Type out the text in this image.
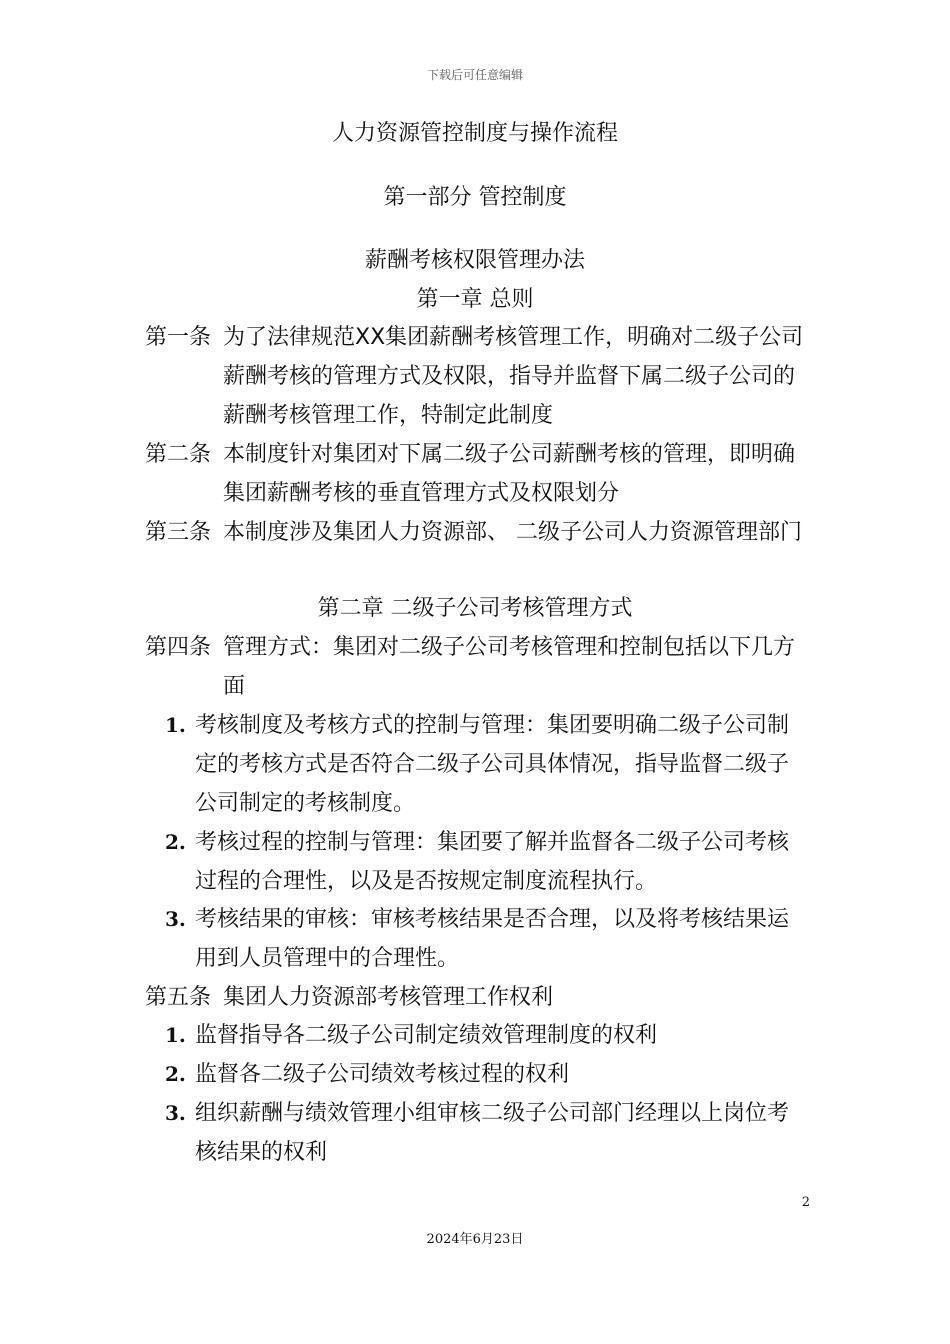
下载后可任意编辑
人力资源管控制度与操作流程
第一部分 管控制度
薪酬考核权限管理办法
第一章 总则
第一条 为了法律规范XX集团薪酬考核管理工作，明确对二级子公司薪酬考核的管理方式及权限，指导并监督下属二级子公司的薪酬考核管理工作，特制定此制度
第二条 本制度针对集团对下属二级子公司薪酬考核的管理，即明确集团薪酬考核的垂直管理方式及权限划分
第三条 本制度涉及集团人力资源部、 二级子公司人力资源管理部门
第二章 二级子公司考核管理方式
第四条 管理方式：集团对二级子公司考核管理和控制包括以下几方面
1. 考核制度及考核方式的控制与管理：集团要明确二级子公司制定的考核方式是否符合二级子公司具体情况，指导监督二级子公司制定的考核制度。
2. 考核过程的控制与管理：集团要了解并监督各二级子公司考核过程的合理性，以及是否按规定制度流程执行。
3. 考核结果的审核：审核考核结果是否合理，以及将考核结果运用到人员管理中的合理性。
第五条 集团人力资源部考核管理工作权利
1. 监督指导各二级子公司制定绩效管理制度的权利
2. 监督各二级子公司绩效考核过程的权利
3. 组织薪酬与绩效管理小组审核二级子公司部门经理以上岗位考核结果的权利
2
2024年6月23日
